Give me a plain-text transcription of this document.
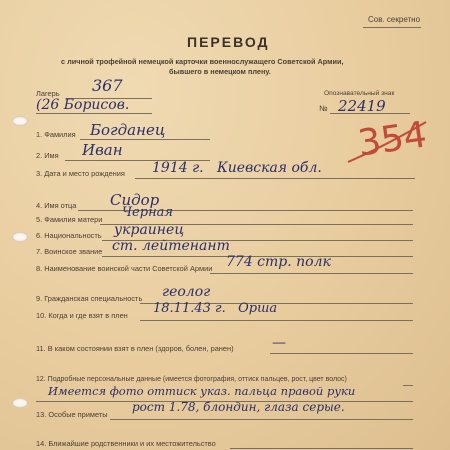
Сов. секретно
ПЕРЕВОД
с личной трофейной немецкой карточки военнослужащего Советской Армии,
бывшего в немецком плену.
Лагерь 367
(26 Борисов.
Опознавательный знак
№ 22419
354
1. Фамилия Богданец
2. Имя Иван
3. Дата и место рождения 1914 г.   Киевская обл.
4. Имя отца Сидор
5. Фамилия матери Черная
6. Национальность украинец
7. Воинское звание ст. лейтенант
8. Наименование воинской части Советской Армии 774 стр. полк
9. Гражданская специальность геолог
10. Когда и где взят в плен 18.11.43 г.   Орша
11. В каком состоянии взят в плен (здоров, болен, ранен)	—
12. Подробные персональные данные (имеется фотография, оттиск пальцев, рост, цвет волос)
Имеется фото оттиск указ. пальца правой руки
13. Особые приметы
рост 1.78, блондин, глаза серые.
14. Ближайшие родственники и их местожительство
